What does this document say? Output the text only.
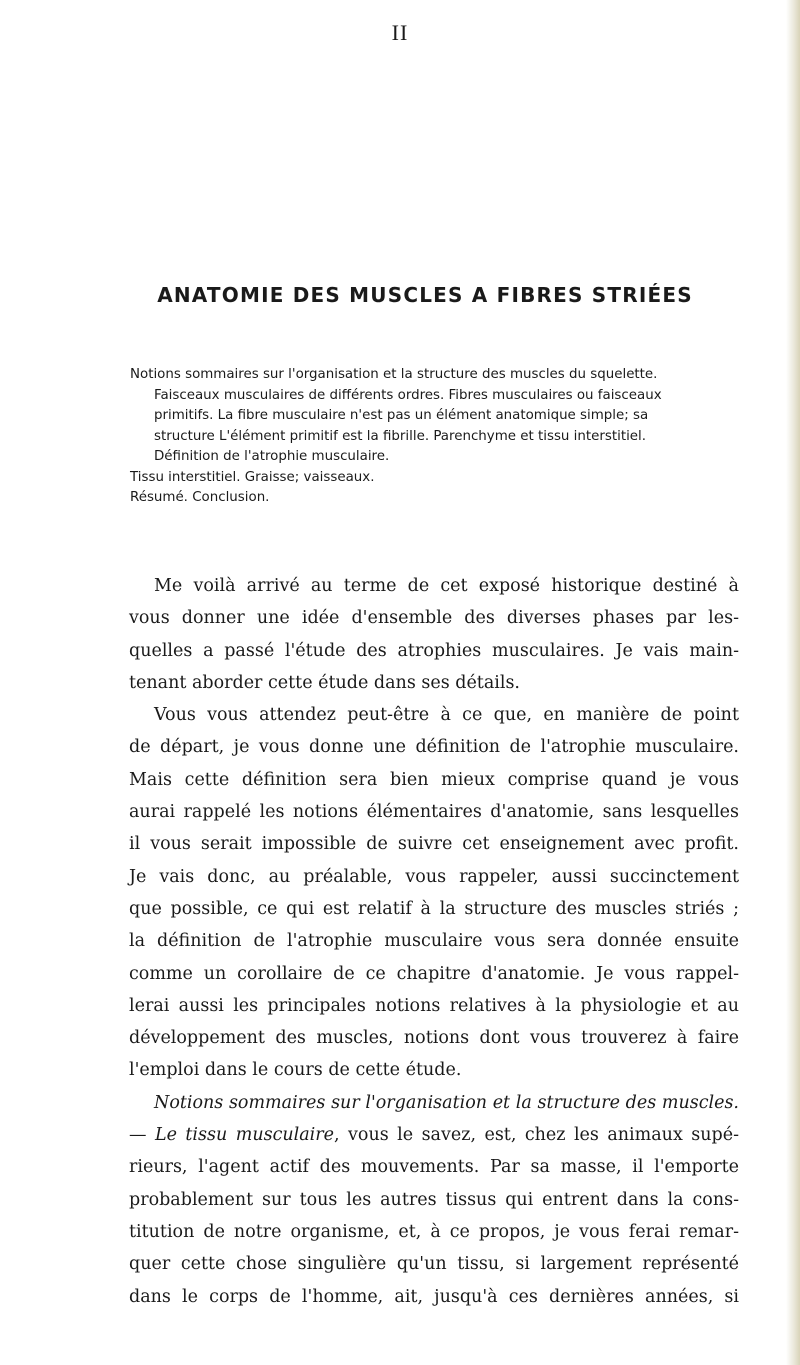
II
ANATOMIE DES MUSCLES A FIBRES STRIÉES
Notions sommaires sur l'organisation et la structure des muscles du squelette.
Faisceaux musculaires de différents ordres. Fibres musculaires ou faisceaux
primitifs. La fibre musculaire n'est pas un élément anatomique simple; sa
structure L'élément primitif est la fibrille. Parenchyme et tissu interstitiel.
Définition de l'atrophie musculaire.
Tissu interstitiel. Graisse; vaisseaux.
Résumé. Conclusion.
Me voilà arrivé au terme de cet exposé historique destiné à
vous donner une idée d'ensemble des diverses phases par les-
quelles a passé l'étude des atrophies musculaires. Je vais main-
tenant aborder cette étude dans ses détails.
Vous vous attendez peut-être à ce que, en manière de point
de départ, je vous donne une définition de l'atrophie musculaire.
Mais cette définition sera bien mieux comprise quand je vous
aurai rappelé les notions élémentaires d'anatomie, sans lesquelles
il vous serait impossible de suivre cet enseignement avec profit.
Je vais donc, au préalable, vous rappeler, aussi succinctement
que possible, ce qui est relatif à la structure des muscles striés ;
la définition de l'atrophie musculaire vous sera donnée ensuite
comme un corollaire de ce chapitre d'anatomie. Je vous rappel-
lerai aussi les principales notions relatives à la physiologie et au
développement des muscles, notions dont vous trouverez à faire
l'emploi dans le cours de cette étude.
Notions sommaires sur l'organisation et la structure des muscles.
— Le tissu musculaire, vous le savez, est, chez les animaux supé-
rieurs, l'agent actif des mouvements. Par sa masse, il l'emporte
probablement sur tous les autres tissus qui entrent dans la cons-
titution de notre organisme, et, à ce propos, je vous ferai remar-
quer cette chose singulière qu'un tissu, si largement représenté
dans le corps de l'homme, ait, jusqu'à ces dernières années, si
